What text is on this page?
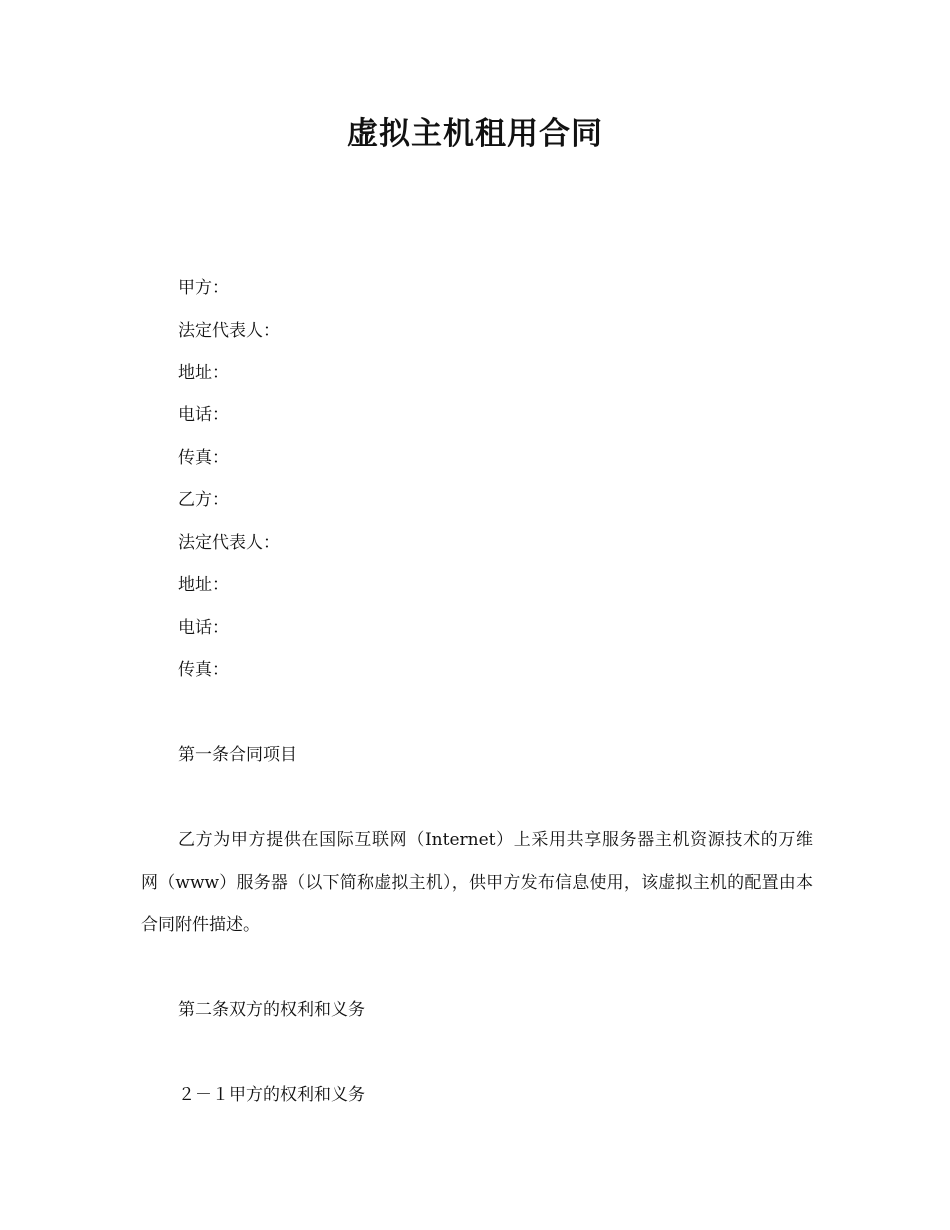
虚拟主机租用合同
甲方：
法定代表人：
地址：
电话：
传真：
乙方：
法定代表人：
地址：
电话：
传真：
第一条合同项目
乙方为甲方提供在国际互联网（Internet）上采用共享服务器主机资源技术的万维
网（www）服务器（以下简称虚拟主机），供甲方发布信息使用，该虚拟主机的配置由本
合同附件描述。
第二条双方的权利和义务
２－１甲方的权利和义务
